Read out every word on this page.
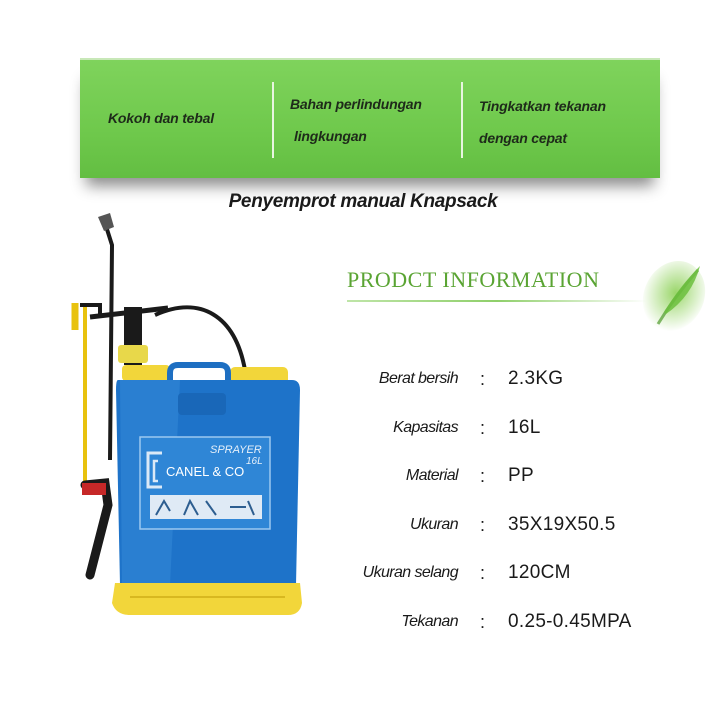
Kokoh dan tebal
Bahan perlindungan
lingkungan
Tingkatkan tekanan
dengan cepat
Penyemprot manual Knapsack
SPRAYER
16L
CANEL & CO
PRODCT INFORMATION
Berat bersih : 2.3KG
Kapasitas : 16L
Material : PP
Ukuran : 35X19X50.5
Ukuran selang : 120CM
Tekanan : 0.25-0.45MPA
